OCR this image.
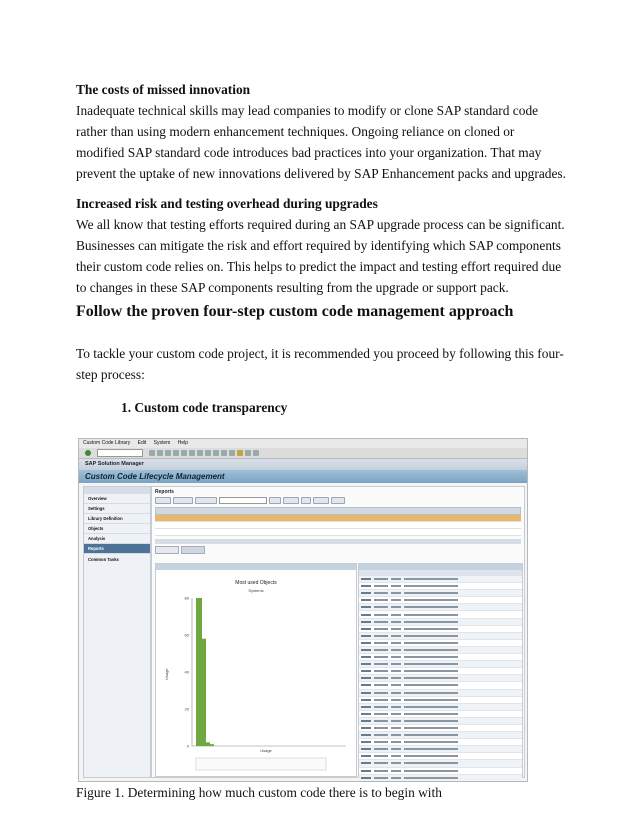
The costs of missed innovation
Inadequate technical skills may lead companies to modify or clone SAP standard code rather than using modern enhancement techniques. Ongoing reliance on cloned or modified SAP standard code introduces bad practices into your organization. That may prevent the uptake of new innovations delivered by SAP Enhancement packs and upgrades.
Increased risk and testing overhead during upgrades
We all know that testing efforts required during an SAP upgrade process can be significant. Businesses can mitigate the risk and effort required by identifying which SAP components their custom code relies on. This helps to predict the impact and testing effort required due to changes in these SAP components resulting from the upgrade or support pack.
Follow the proven four-step custom code management approach
To tackle your custom code project, it is recommended you proceed by following this four-step process:
1. Custom code transparency
Custom Code Library Edit System Help
SAP Solution Manager
Custom Code Lifecycle Management
Overview
Settings
Library Definition
Objects
Analysis
Reports
Common Tasks
Reports
Most used Objects
Systems
Usage
Usage
0
20
40
60
80
Figure 1. Determining how much custom code there is to begin with
